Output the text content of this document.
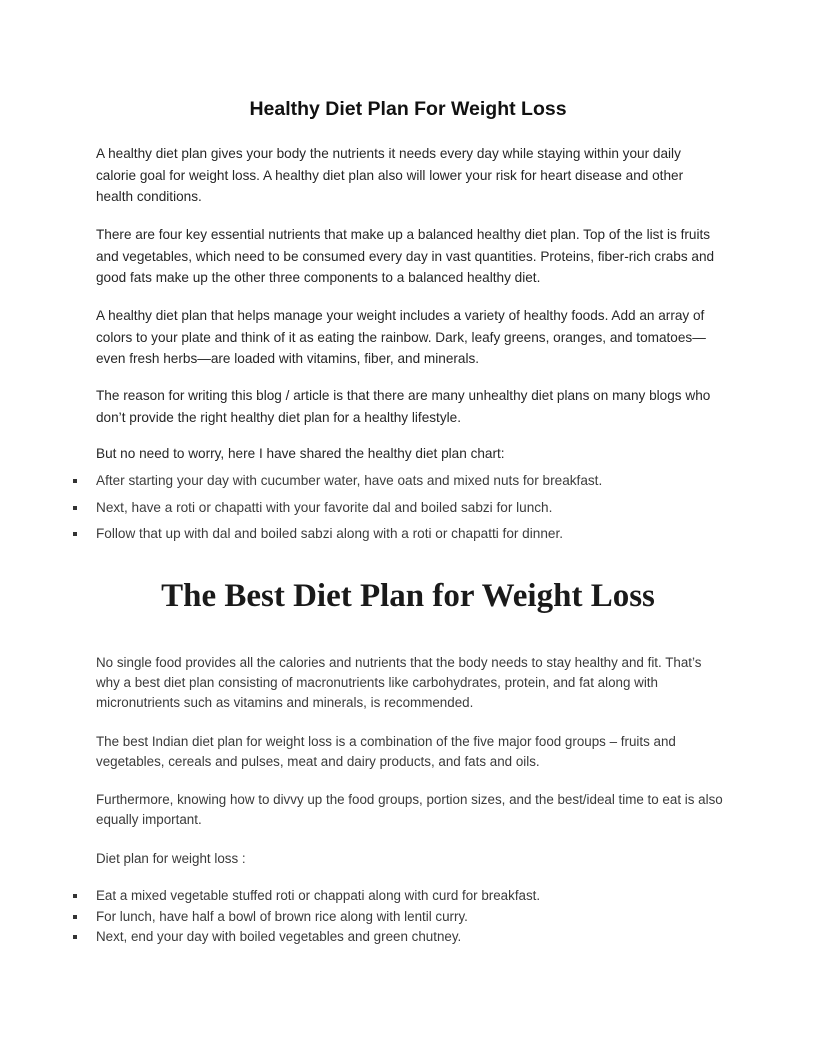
Healthy Diet Plan For Weight Loss
A healthy diet plan gives your body the nutrients it needs every day while staying within your daily calorie goal for weight loss. A healthy diet plan also will lower your risk for heart disease and other health conditions.
There are four key essential nutrients that make up a balanced healthy diet plan. Top of the list is fruits and vegetables, which need to be consumed every day in vast quantities. Proteins, fiber-rich crabs and good fats make up the other three components to a balanced healthy diet.
A healthy diet plan that helps manage your weight includes a variety of healthy foods. Add an array of colors to your plate and think of it as eating the rainbow. Dark, leafy greens, oranges, and tomatoes—even fresh herbs—are loaded with vitamins, fiber, and minerals.
The reason for writing this blog / article is that there are many unhealthy diet plans on many blogs who don’t provide the right healthy diet plan for a healthy lifestyle.
But no need to worry, here I have shared the healthy diet plan chart:
After starting your day with cucumber water, have oats and mixed nuts for breakfast.
Next, have a roti or chapatti with your favorite dal and boiled sabzi for lunch.
Follow that up with dal and boiled sabzi along with a roti or chapatti for dinner.
The Best Diet Plan for Weight Loss
No single food provides all the calories and nutrients that the body needs to stay healthy and fit. That’s why a best diet plan consisting of macronutrients like carbohydrates, protein, and fat along with micronutrients such as vitamins and minerals, is recommended.
The best Indian diet plan for weight loss is a combination of the five major food groups – fruits and vegetables, cereals and pulses, meat and dairy products, and fats and oils.
Furthermore, knowing how to divvy up the food groups, portion sizes, and the best/ideal time to eat is also equally important.
Diet plan for weight loss :
Eat a mixed vegetable stuffed roti or chappati along with curd for breakfast.
For lunch, have half a bowl of brown rice along with lentil curry.
Next, end your day with boiled vegetables and green chutney.
